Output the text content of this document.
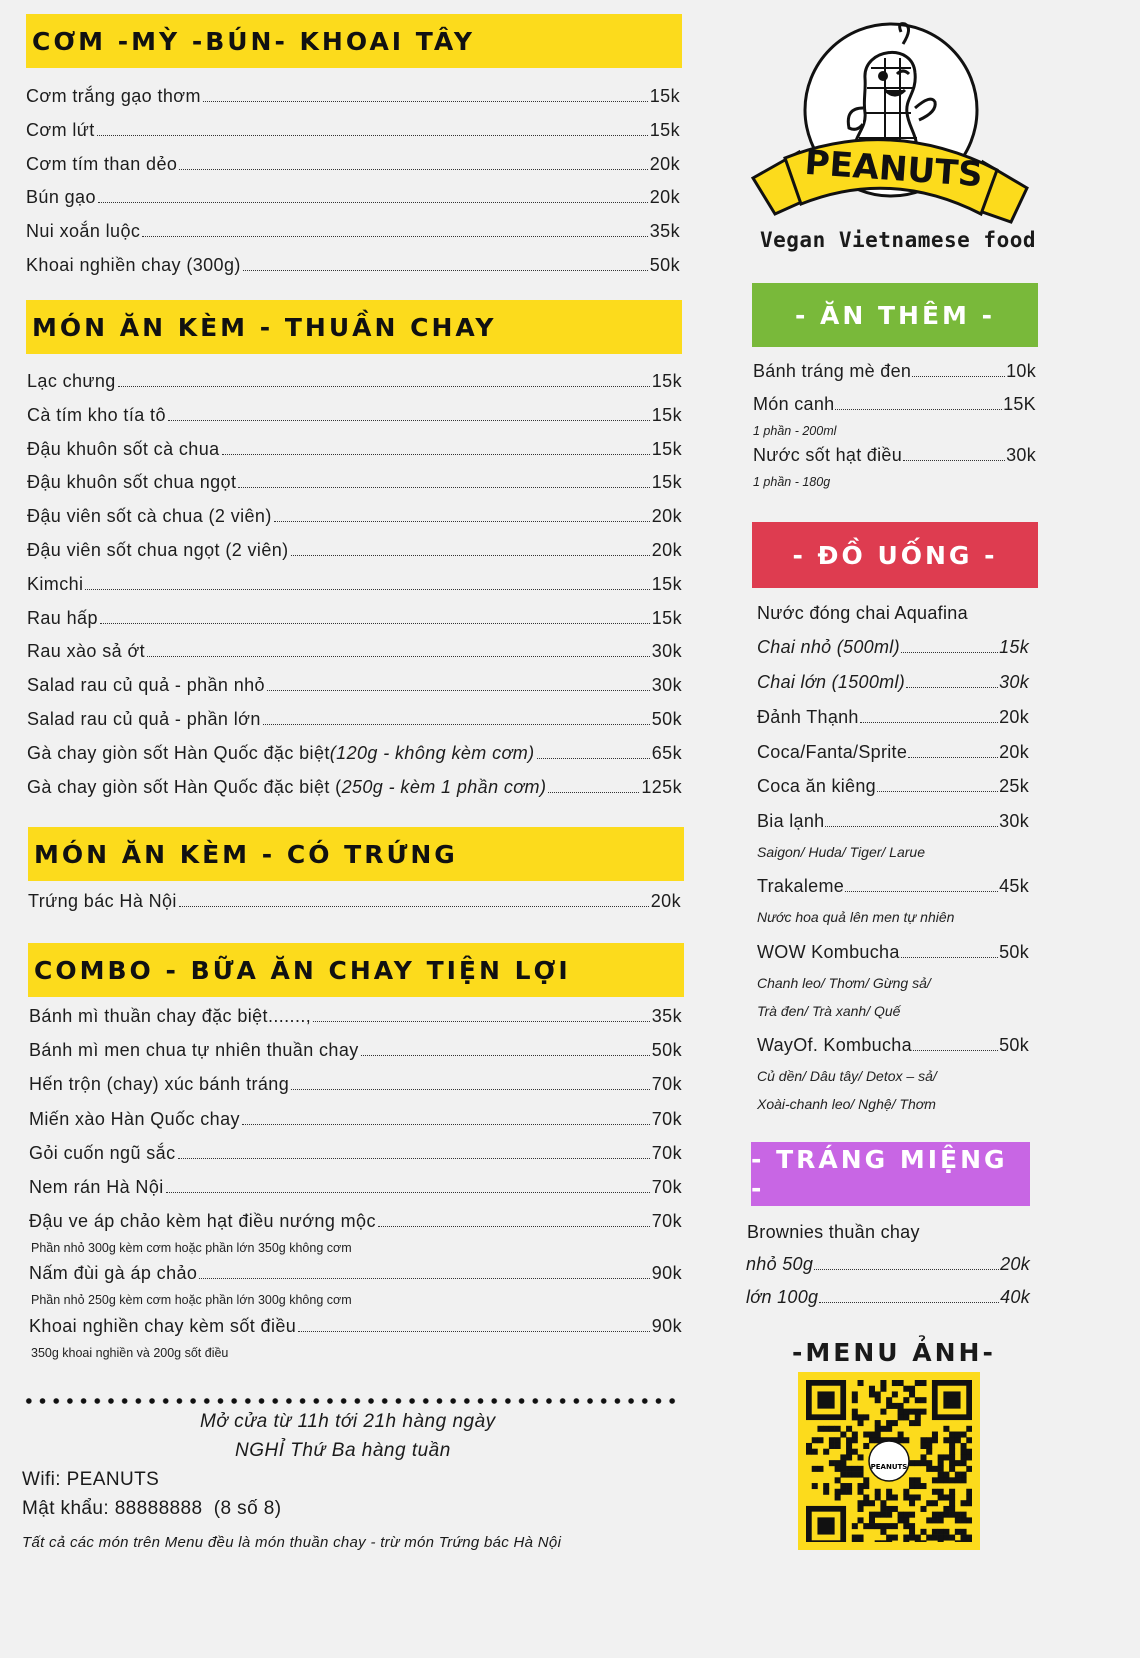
CƠM -MỲ -BÚN- KHOAI TÂY
Cơm trắng gạo thơm	15k
Cơm lứt	15k
Cơm tím than dẻo	20k
Bún gạo	20k
Nui xoắn luộc	35k
Khoai nghiền chay (300g)	50k
MÓN ĂN KÈM - THUẦN CHAY
Lạc chưng	15k
Cà tím kho tía tô	15k
Đậu khuôn sốt cà chua	15k
Đậu khuôn sốt chua ngọt	15k
Đậu viên sốt cà chua (2 viên)	20k
Đậu viên sốt chua ngọt (2 viên)	20k
Kimchi	15k
Rau hấp	15k
Rau xào sả ớt	30k
Salad rau củ quả - phần nhỏ	30k
Salad rau củ quả - phần lớn	50k
Gà chay giòn sốt Hàn Quốc đặc biệt (120g - không kèm cơm)	65k
Gà chay giòn sốt Hàn Quốc đặc biệt ( 250g - kèm 1 phần cơm)	125k
MÓN ĂN KÈM - CÓ TRỨNG
Trứng bác Hà Nội	20k
COMBO - BỮA ĂN CHAY TIỆN LỢI
Bánh mì thuần chay đặc biệt.......,	35k
Bánh mì men chua tự nhiên thuần chay	50k
Hến trộn (chay) xúc bánh tráng	70k
Miến xào Hàn Quốc chay	70k
Gỏi cuốn ngũ sắc	70k
Nem rán Hà Nội	70k
Đậu ve áp chảo kèm hạt điều nướng mộc	70k
Phần nhỏ 300g kèm cơm hoặc phần lớn 350g không cơm
Nấm đùi gà áp chảo	90k
Phần nhỏ 250g kèm cơm hoặc phần lớn 300g không cơm
Khoai nghiền chay kèm sốt điều	90k
350g khoai nghiền và 200g sốt điều
Mở cửa từ 11h tới 21h hàng ngày
NGHỈ Thứ Ba hàng tuần
Wifi: PEANUTS
Mật khẩu: 88888888  (8 số 8)
Tất cả các món trên Menu đều là món thuần chay - trừ món Trứng bác Hà Nội
PEANUTS
Vegan Vietnamese food
- ĂN THÊM -
Bánh tráng mè đen	10k
Món canh	15K
1 phần - 200ml
Nước sốt hạt điều	30k
1 phần - 180g
- ĐỒ UỐNG -
Nước đóng chai Aquafina
Chai nhỏ (500ml)	15k
Chai lớn (1500ml)	30k
Đảnh Thạnh	20k
Coca/Fanta/Sprite	20k
Coca ăn kiêng	25k
Bia lạnh	30k
Saigon/ Huda/ Tiger/ Larue
Trakaleme	45k
Nước hoa quả lên men tự nhiên
WOW Kombucha	50k
Chanh leo/ Thơm/ Gừng sả/
Trà đen/ Trà xanh/ Quế
WayOf. Kombucha	50k
Củ dền/ Dâu tây/ Detox – sả/
Xoài-chanh leo/ Nghệ/ Thơm
- TRÁNG MIỆNG -
Brownies thuần chay
nhỏ 50g	20k
lớn 100g	40k
-MENU ẢNH-
PEANUTS
